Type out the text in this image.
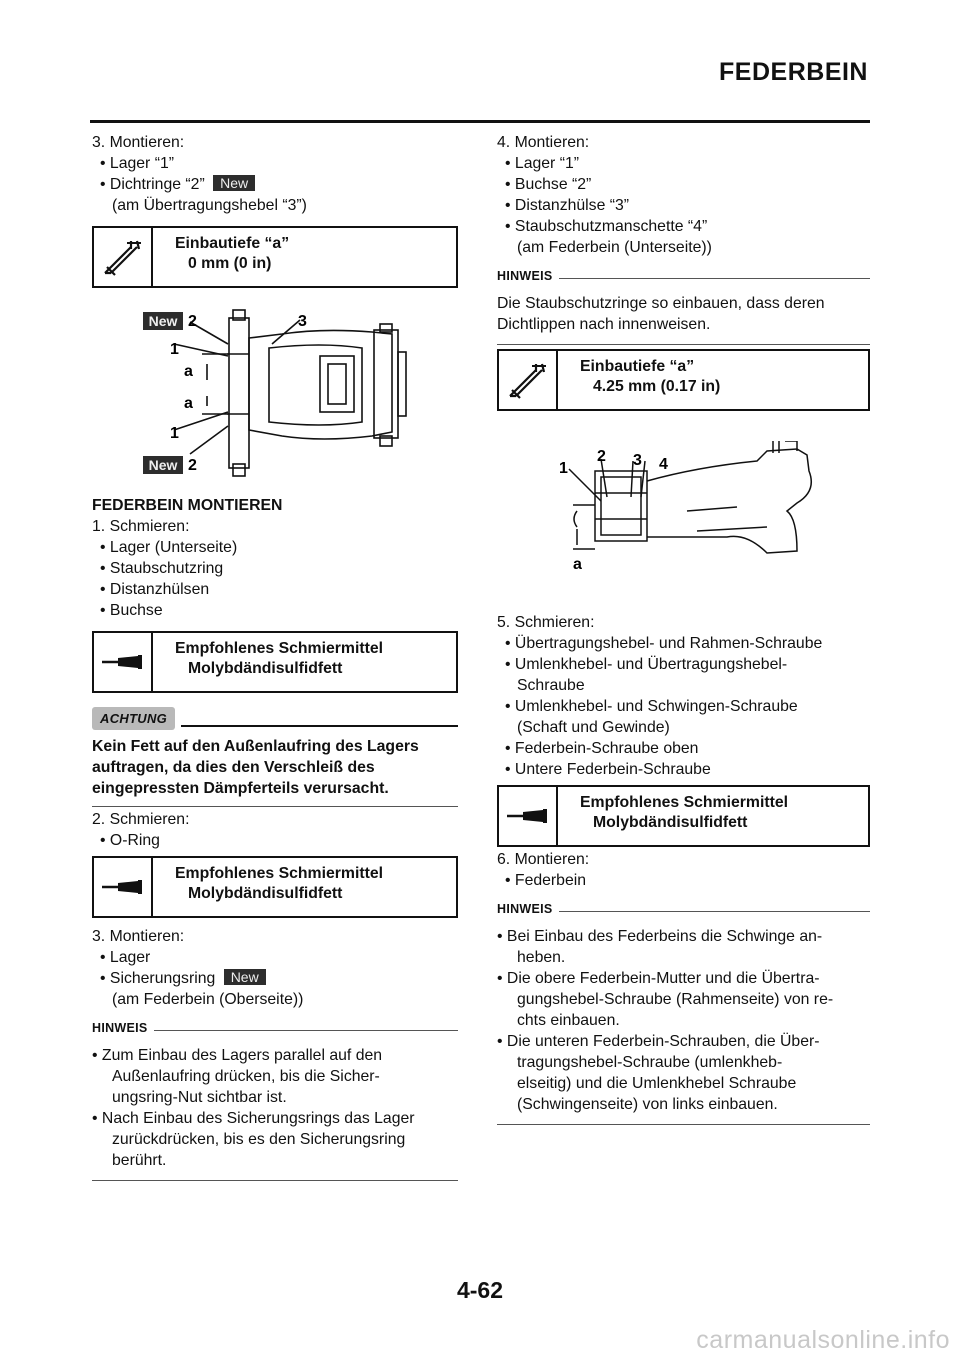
FEDERBEIN
3. Montieren:
• Lager “1”
• Dichtringe “2” New
(am Übertragungshebel “3”)
Einbautiefe “a”
0 mm (0 in)
New 2	3
1
a
a
1
New 2
FEDERBEIN MONTIEREN
1. Schmieren:
• Lager (Unterseite)
• Staubschutzring
• Distanzhülsen
• Buchse
Empfohlenes Schmiermittel
Molybdändisulfidfett
ACHTUNG
Kein Fett auf den Außenlaufring des Lagers
auftragen, da dies den Verschleiß des
eingepressten Dämpferteils verursacht.
2. Schmieren:
• O-Ring
Empfohlenes Schmiermittel
Molybdändisulfidfett
3. Montieren:
• Lager
• Sicherungsring New
(am Federbein (Oberseite))
HINWEIS
• Zum Einbau des Lagers parallel auf den
Außenlaufring drücken, bis die Sicher-
ungsring-Nut sichtbar ist.
• Nach Einbau des Sicherungsrings das Lager
zurückdrücken, bis es den Sicherungsring
berührt.
4. Montieren:
• Lager “1”
• Buchse “2”
• Distanzhülse “3”
• Staubschutzmanschette “4”
(am Federbein (Unterseite))
HINWEIS
Die Staubschutzringe so einbauen, dass deren
Dichtlippen nach innenweisen.
Einbautiefe “a”
4.25 mm (0.17 in)
1
2 3 4
a
5. Schmieren:
• Übertragungshebel- und Rahmen-Schraube
• Umlenkhebel- und Übertragungshebel-
Schraube
• Umlenkhebel- und Schwingen-Schraube
(Schaft und Gewinde)
• Federbein-Schraube oben
• Untere Federbein-Schraube
Empfohlenes Schmiermittel
Molybdändisulfidfett
6. Montieren:
• Federbein
HINWEIS
• Bei Einbau des Federbeins die Schwinge an-
heben.
• Die obere Federbein-Mutter und die Übertra-
gungshebel-Schraube (Rahmenseite) von re-
chts einbauen.
• Die unteren Federbein-Schrauben, die Über-
tragungshebel-Schraube (umlenkheb-
elseitig) und die Umlenkhebel Schraube
(Schwingenseite) von links einbauen.
4-62
carmanualsonline.info
